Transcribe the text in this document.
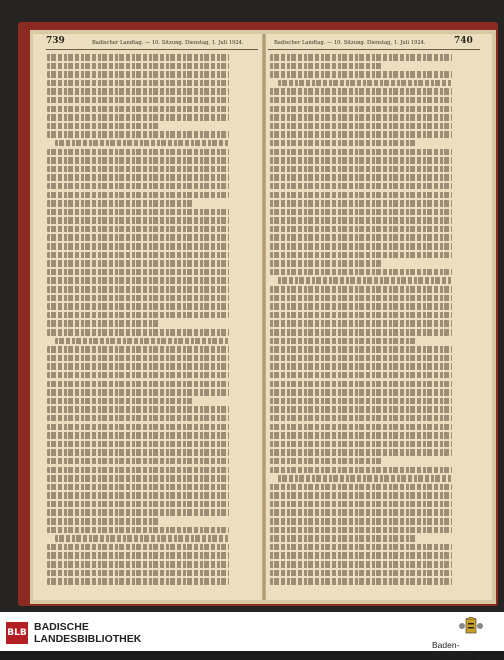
739	Badischer Landtag. — 10. Sitzung. Dienstag, 1. Juli 1924.	Badischer Landtag. — 10. Sitzung. Dienstag, 1. Juli 1924.	740
BLB BADISCHE
LANDESBIBLIOTHEK
Baden-Württemberg
